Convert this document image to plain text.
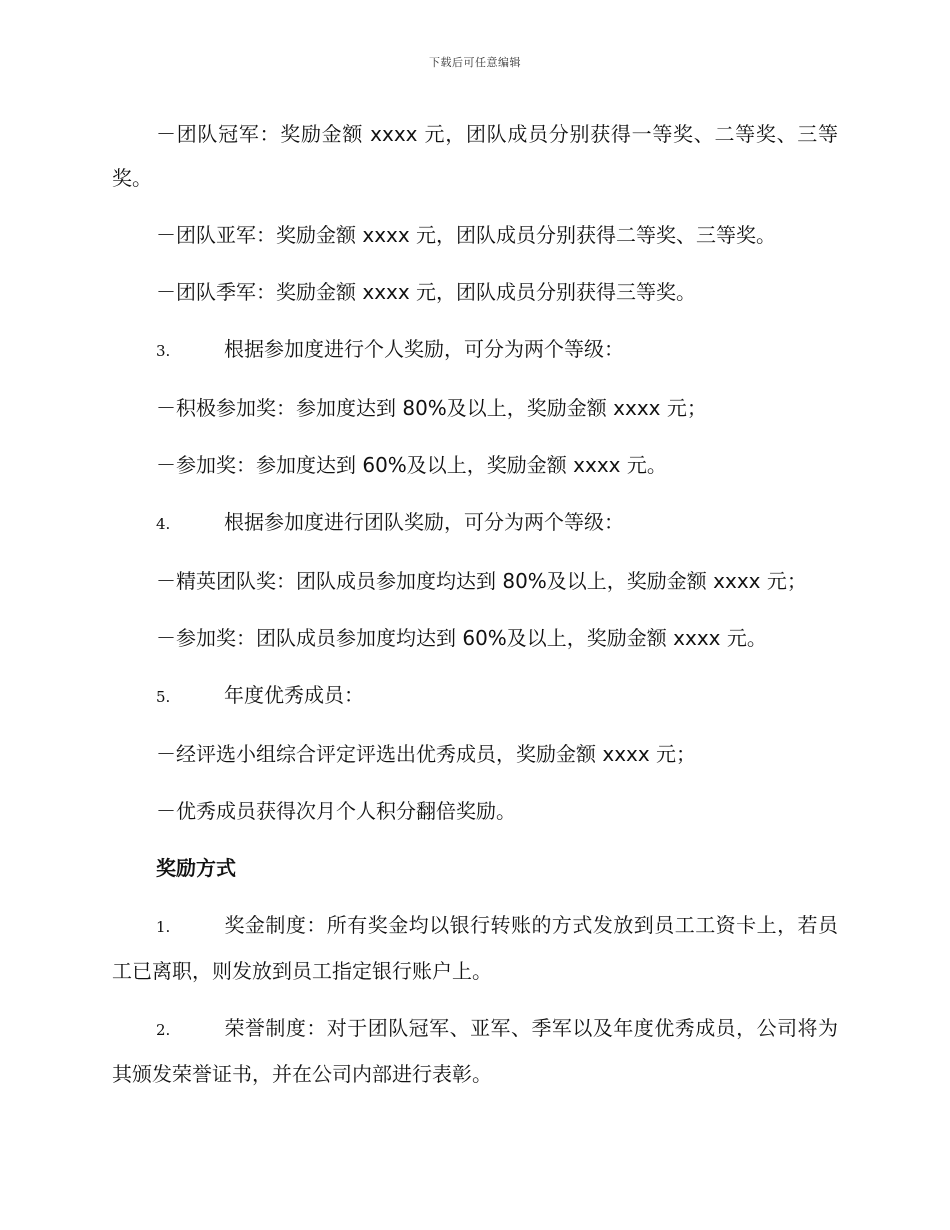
下载后可任意编辑

－团队冠军：奖励金额 xxxx 元，团队成员分别获得一等奖、二等奖、三等奖。

－团队亚军：奖励金额 xxxx 元，团队成员分别获得二等奖、三等奖。

－团队季军：奖励金额 xxxx 元，团队成员分别获得三等奖。

3.	根据参加度进行个人奖励，可分为两个等级：

－积极参加奖：参加度达到 80%及以上，奖励金额 xxxx 元；

－参加奖：参加度达到 60%及以上，奖励金额 xxxx 元。

4.	根据参加度进行团队奖励，可分为两个等级：

－精英团队奖：团队成员参加度均达到 80%及以上，奖励金额 xxxx 元；

－参加奖：团队成员参加度均达到 60%及以上，奖励金额 xxxx 元。

5.	年度优秀成员：

－经评选小组综合评定评选出优秀成员，奖励金额 xxxx 元；

－优秀成员获得次月个人积分翻倍奖励。

奖励方式

1.	奖金制度：所有奖金均以银行转账的方式发放到员工工资卡上，若员工已离职，则发放到员工指定银行账户上。

2.	荣誉制度：对于团队冠军、亚军、季军以及年度优秀成员，公司将为其颁发荣誉证书，并在公司内部进行表彰。
